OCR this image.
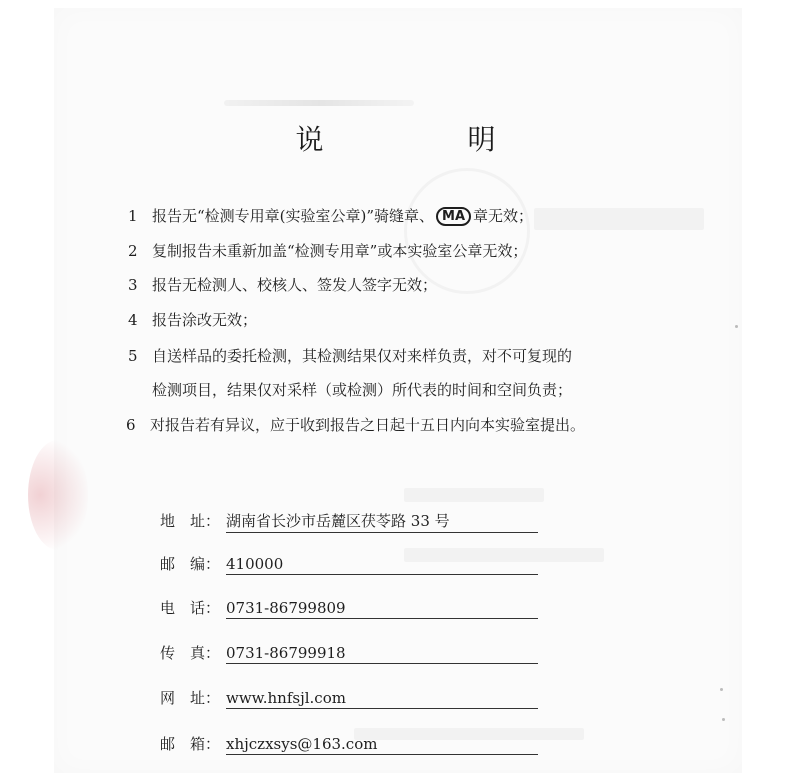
说　明
1 报告无“检测专用章(实验室公章)”骑缝章、 MA 章无效；
2 复制报告未重新加盖“检测专用章”或本实验室公章无效；
3 报告无检测人、校核人、签发人签字无效；
4 报告涂改无效；
5 自送样品的委托检测，其检测结果仅对来样负责，对不可复现的
检测项目，结果仅对采样（或检测）所代表的时间和空间负责；
6 对报告若有异议，应于收到报告之日起十五日内向本实验室提出。
地　址： 湖南省长沙市岳麓区茯苓路 33 号
邮　编： 410000
电　话： 0731-86799809
传　真： 0731-86799918
网　址： www.hnfsjl.com
邮　箱： xhjczxsys@163.com
